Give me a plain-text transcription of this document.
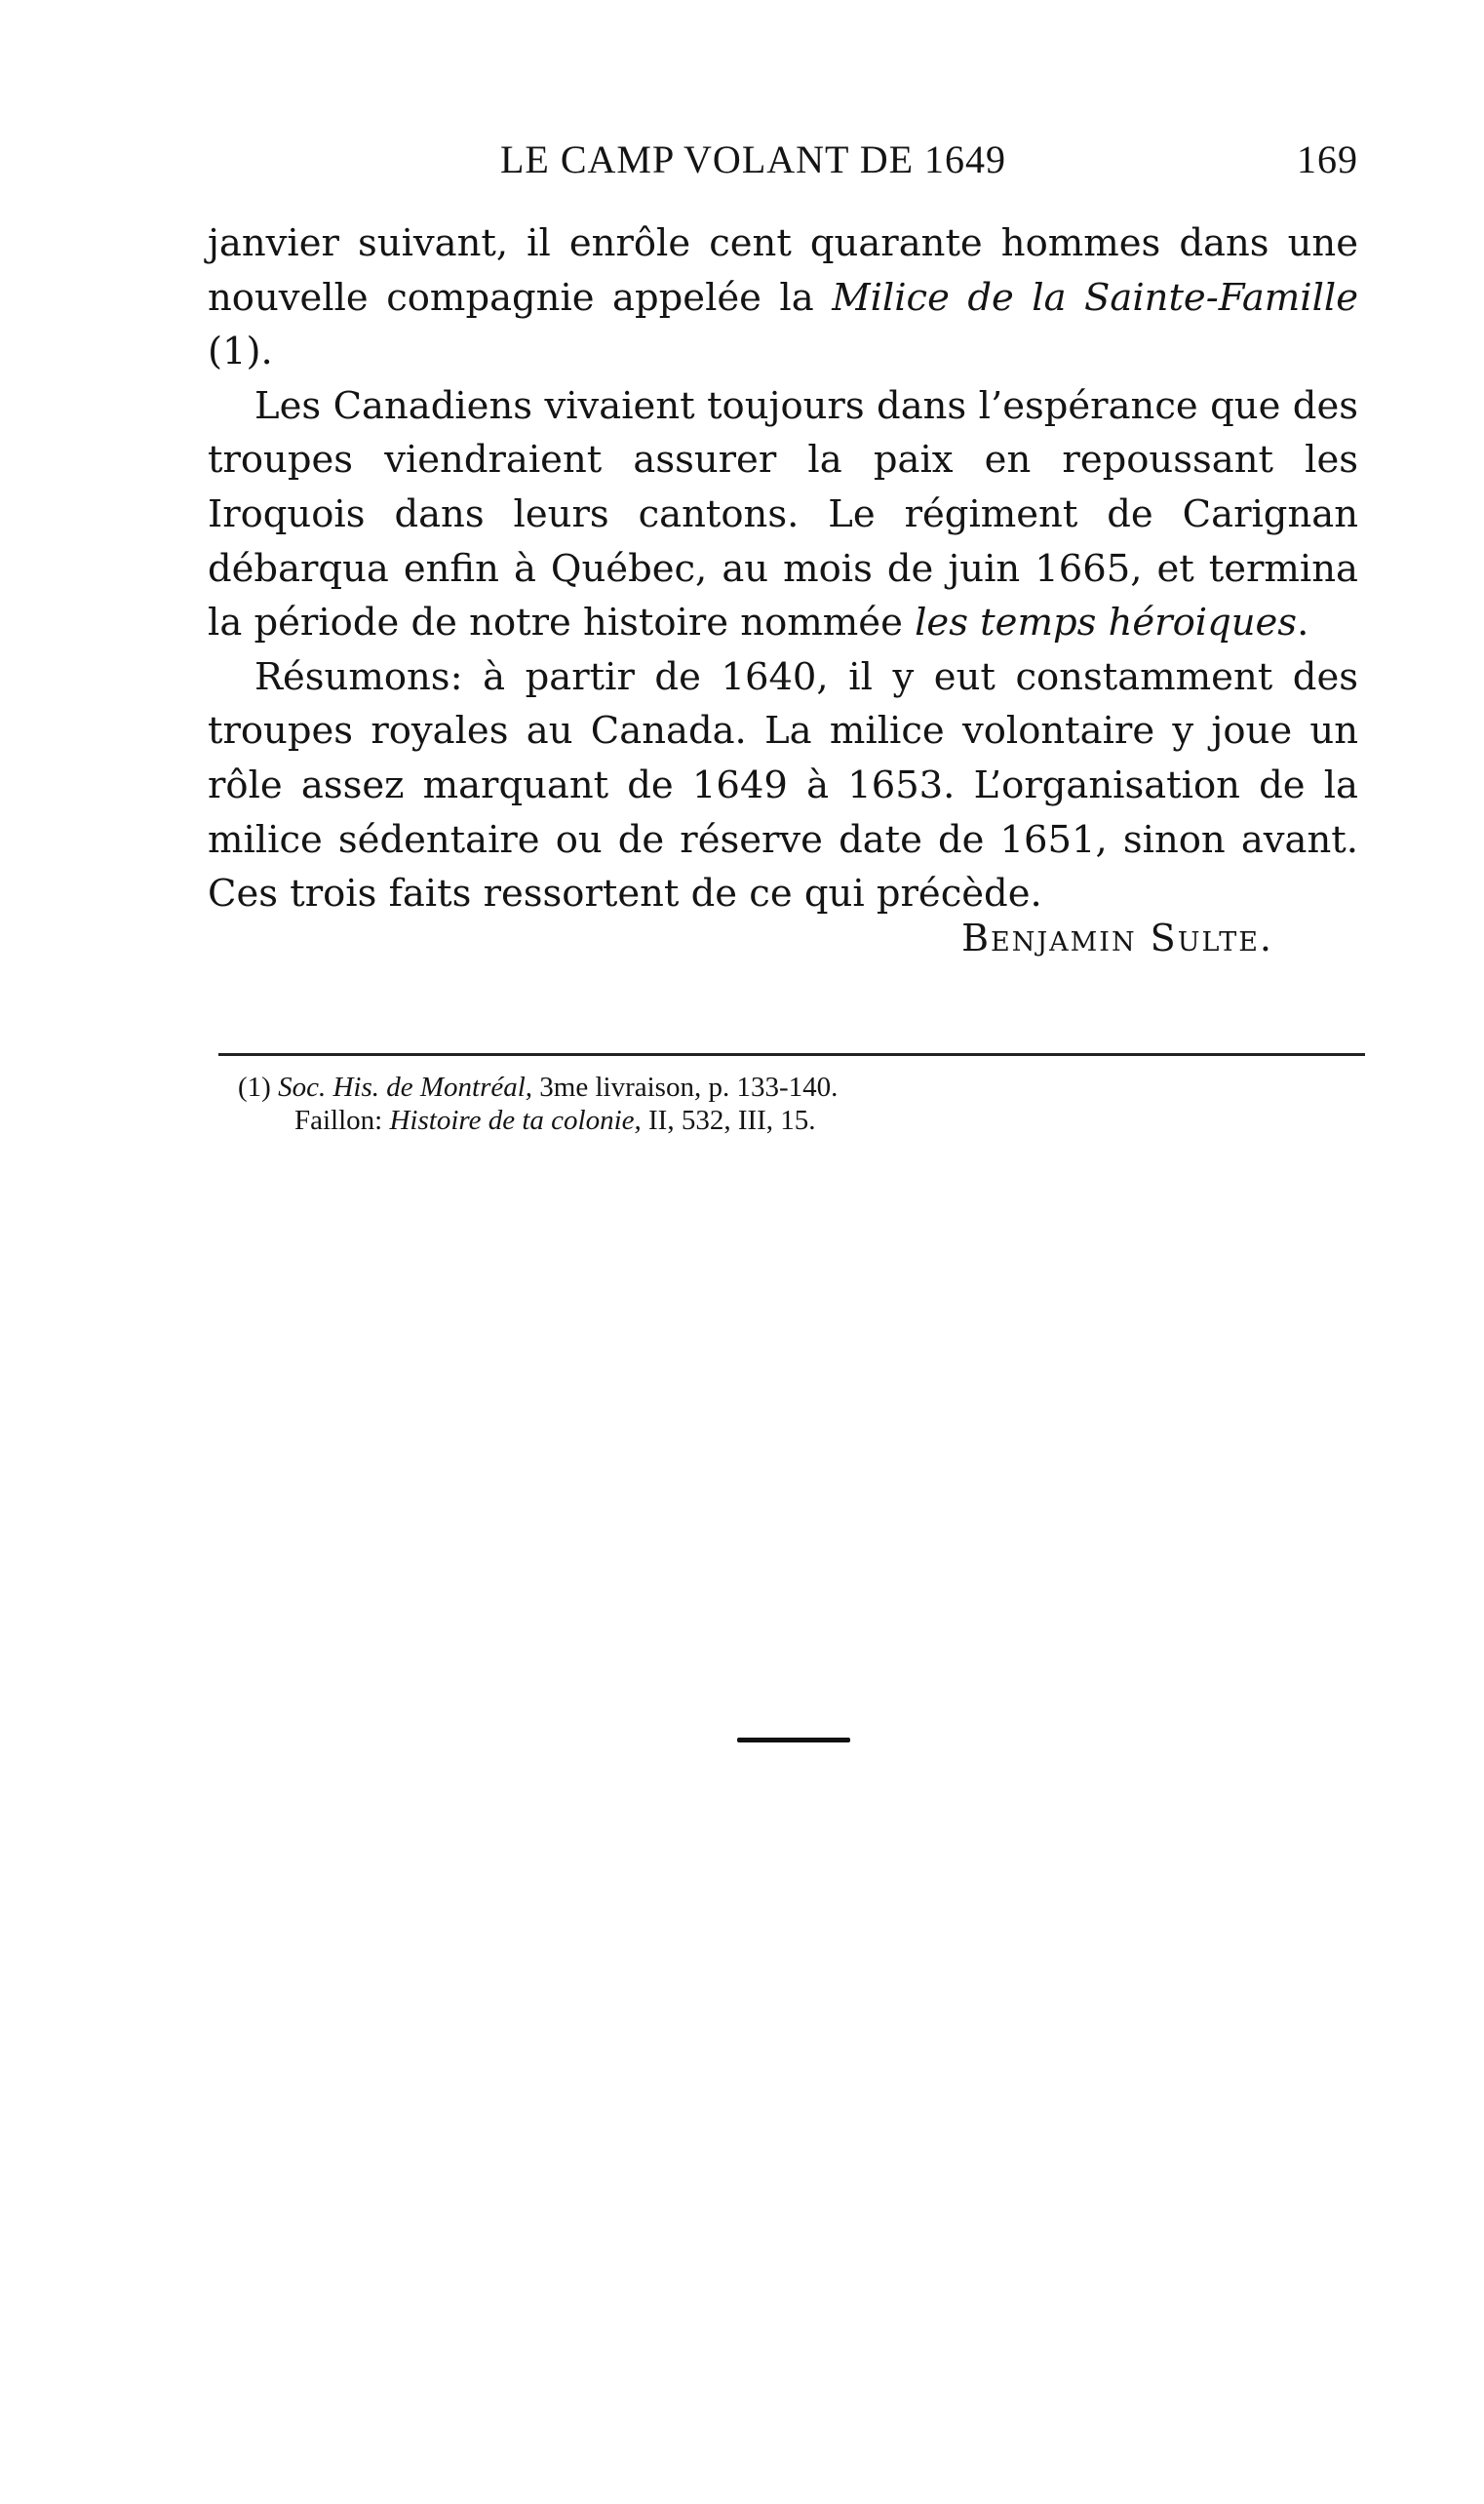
LE CAMP VOLANT DE 1649	169

janvier suivant, il enrôle cent quarante hommes dans une nouvelle compagnie appelée la Milice de la Sainte-Famille (1).

Les Canadiens vivaient toujours dans l’espérance que des troupes viendraient assurer la paix en repoussant les Iroquois dans leurs cantons. Le régiment de Carignan débarqua enfin à Québec, au mois de juin 1665, et termina la période de notre histoire nommée les temps héroiques.

Résumons: à partir de 1640, il y eut constamment des troupes royales au Canada. La milice volontaire y joue un rôle assez marquant de 1649 à 1653. L’organisation de la milice sédentaire ou de réserve date de 1651, sinon avant. Ces trois faits ressortent de ce qui précède.

Benjamin Sulte.
(1) Soc. His. de Montréal, 3me livraison, p. 133-140.
Faillon: Histoire de ta colonie, II, 532, III, 15.
